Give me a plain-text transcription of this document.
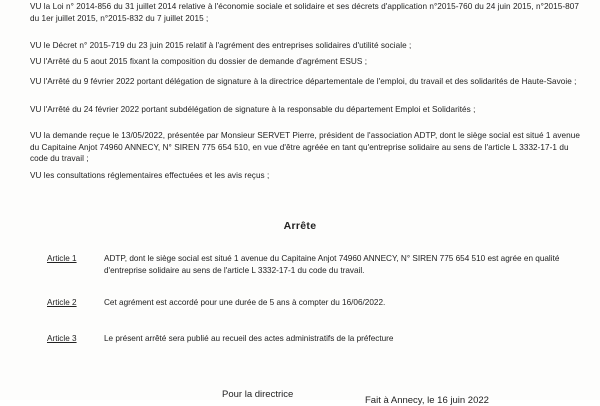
VU la Loi n° 2014-856 du 31 juillet 2014 relative à l'économie sociale et solidaire et ses décrets d'application n°2015-760 du 24 juin 2015, n°2015-807 du 1er juillet 2015, n°2015-832 du 7 juillet 2015 ;

VU le Décret n° 2015-719 du 23 juin 2015 relatif à l'agrément des entreprises solidaires d'utilité sociale ;

VU l'Arrêté du 5 aout 2015 fixant la composition du dossier de demande d'agrément ESUS ;

VU l'Arrêté du 9 février 2022 portant délégation de signature à la directrice départementale de l'emploi, du travail et des solidarités de Haute-Savoie ;

VU l'Arrêté du 24 février 2022 portant subdélégation de signature à la responsable du département Emploi et Solidarités ;

VU la demande reçue le 13/05/2022, présentée par Monsieur SERVET Pierre, président de l'association ADTP, dont le siège social est situé 1 avenue du Capitaine Anjot 74960 ANNECY, N° SIREN 775 654 510, en vue d'être agréée en tant qu'entreprise solidaire au sens de l'article L 3332-17-1 du code du travail ;

VU les consultations réglementaires effectuées et les avis reçus ;

Arrête
Article 1	ADTP, dont le siège social est situé 1 avenue du Capitaine Anjot 74960 ANNECY, N° SIREN 775 654 510 est agrée en qualité d'entreprise solidaire au sens de l'article L 3332-17-1 du code du travail.

Article 2	Cet agrément est accordé pour une durée de 5 ans à compter du 16/06/2022.

Article 3	Le présent arrêté sera publié au recueil des actes administratifs de la préfecture

Pour la directrice
Fait à Annecy, le 16 juin 2022
